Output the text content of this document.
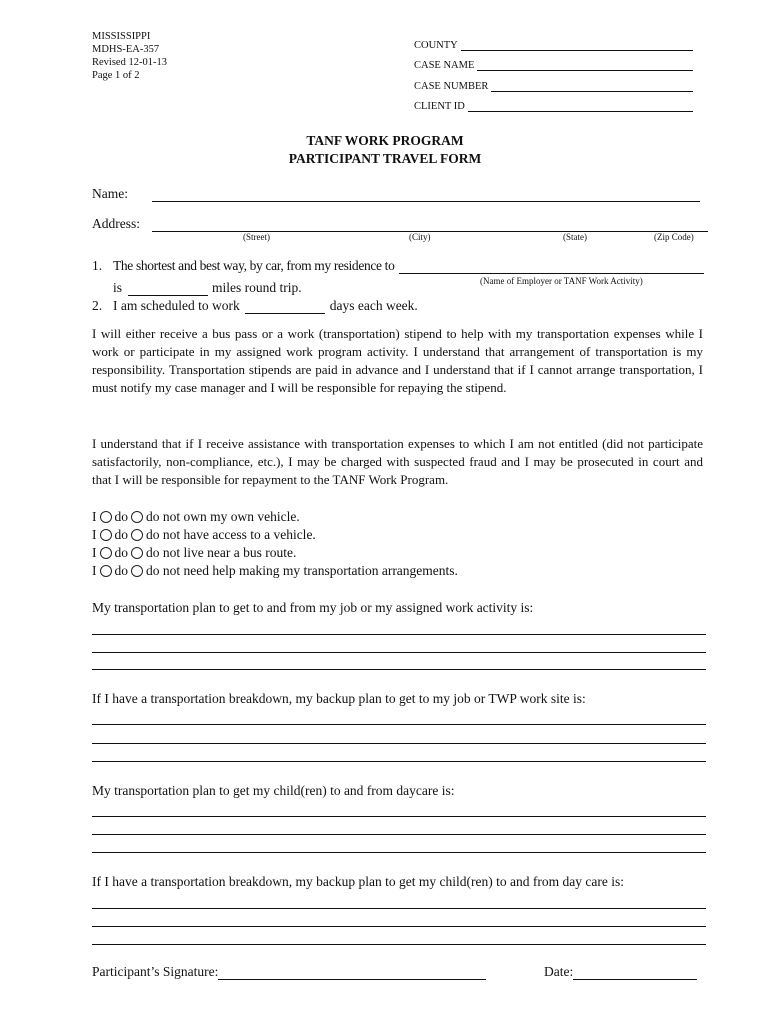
MISSISSIPPI
MDHS-EA-357
Revised 12-01-13
Page 1 of 2
COUNTY
CASE NAME
CASE NUMBER
CLIENT ID
TANF WORK PROGRAM
PARTICIPANT TRAVEL FORM
Name:
Address:
(Street)	(City)	(State)	(Zip Code)
1. The shortest and best way, by car, from my residence to
(Name of Employer or TANF Work Activity)
is	miles round trip.
2. I am scheduled to work	days each week.
I will either receive a bus pass or a work (transportation) stipend to help with my transportation expenses while I work or participate in my assigned work program activity. I understand that arrangement of transportation is my responsibility. Transportation stipends are paid in advance and I understand that if I cannot arrange transportation, I must notify my case manager and I will be responsible for repaying the stipend.
I understand that if I receive assistance with transportation expenses to which I am not entitled (did not participate satisfactorily, non-compliance, etc.), I may be charged with suspected fraud and I may be prosecuted in court and that I will be responsible for repayment to the TANF Work Program.
I do do not own my own vehicle.
I do do not have access to a vehicle.
I do do not live near a bus route.
I do do not need help making my transportation arrangements.
My transportation plan to get to and from my job or my assigned work activity is:
If I have a transportation breakdown, my backup plan to get to my job or TWP work site is:
My transportation plan to get my child(ren) to and from daycare is:
If I have a transportation breakdown, my backup plan to get my child(ren) to and from day care is:
Participant’s Signature:	Date:
